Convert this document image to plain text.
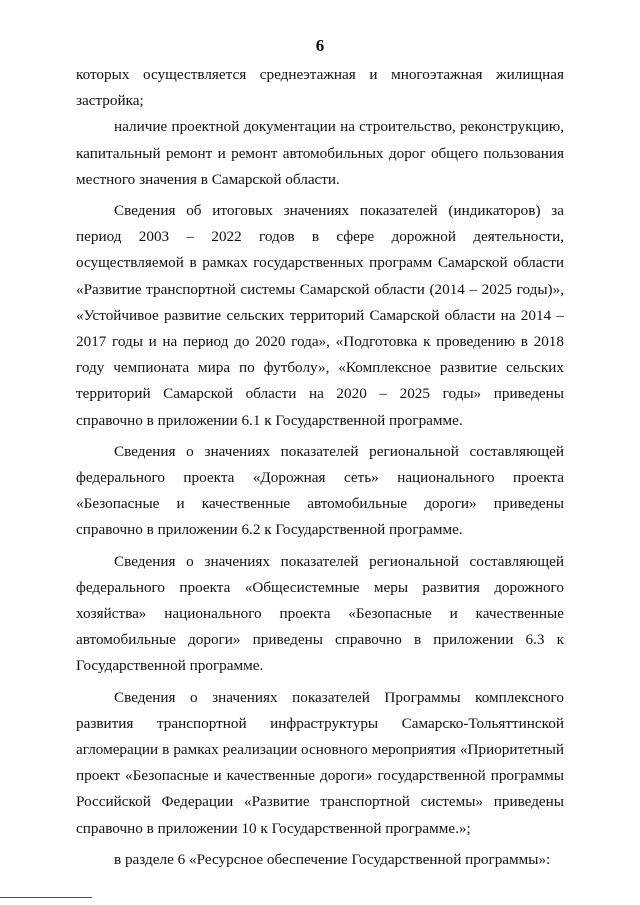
6

которых осуществляется среднеэтажная и многоэтажная жилищная застройка;

наличие проектной документации на строительство, реконструкцию, капитальный ремонт и ремонт автомобильных дорог общего пользования местного значения в Самарской области.

Сведения об итоговых значениях показателей (индикаторов) за период 2003 – 2022 годов в сфере дорожной деятельности, осуществляемой в рамках государственных программ Самарской области «Развитие транспортной системы Самарской области (2014 – 2025 годы)», «Устойчивое развитие сельских территорий Самарской области на 2014 – 2017 годы и на период до 2020 года», «Подготовка к проведению в 2018 году чемпионата мира по футболу», «Комплексное развитие сельских территорий Самарской области на 2020 – 2025 годы» приведены справочно в приложении 6.1 к Государственной программе.

Сведения о значениях показателей региональной составляющей федерального проекта «Дорожная сеть» национального проекта «Безопасные и качественные автомобильные дороги» приведены справочно в приложении 6.2 к Государственной программе.

Сведения о значениях показателей региональной составляющей федерального проекта «Общесистемные меры развития дорожного хозяйства» национального проекта «Безопасные и качественные автомобильные дороги» приведены справочно в приложении 6.3 к Государственной программе.

Сведения о значениях показателей Программы комплексного развития транспортной инфраструктуры Самарско-Тольяттинской агломерации в рамках реализации основного мероприятия «Приоритетный проект «Безопасные и качественные дороги» государственной программы Российской Федерации «Развитие транспортной системы» приведены справочно в приложении 10 к Государственной программе.»;

в разделе 6 «Ресурсное обеспечение Государственной программы»:
